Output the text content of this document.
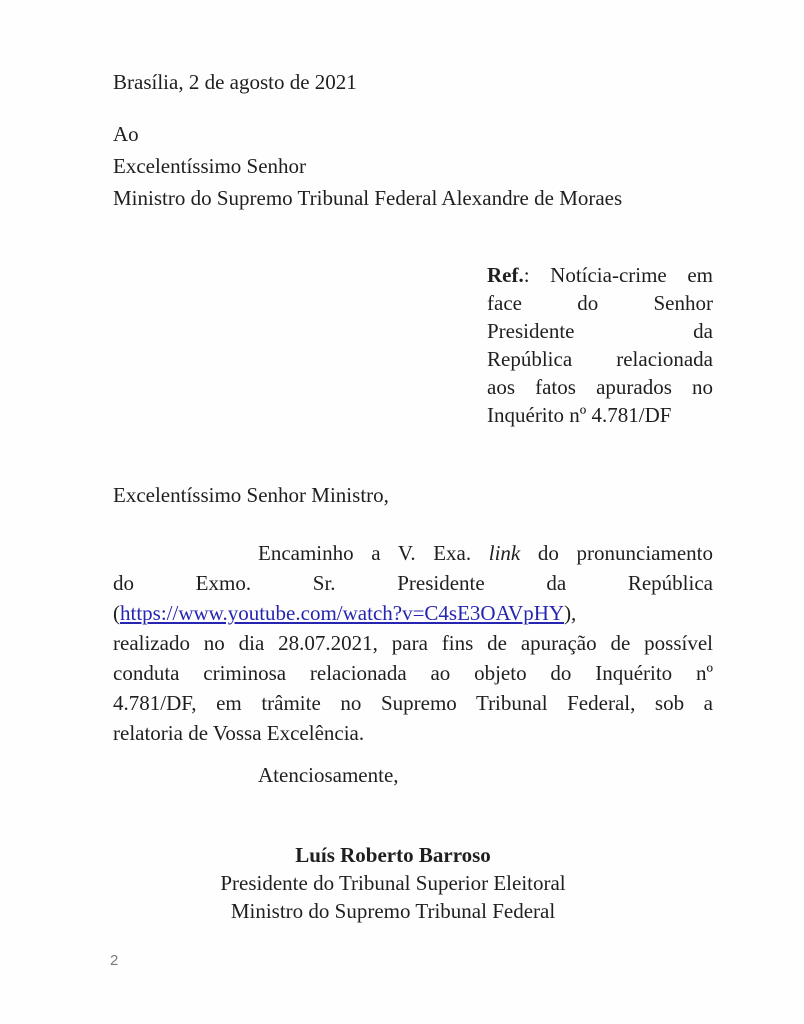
Brasília, 2 de agosto de 2021

Ao
Excelentíssimo Senhor
Ministro do Supremo Tribunal Federal Alexandre de Moraes
Ref.: Notícia-crime em
face do Senhor
Presidente da
República relacionada
aos fatos apurados no
Inquérito nº 4.781/DF

Excelentíssimo Senhor Ministro,

Encaminho a V. Exa. link do pronunciamento
do Exmo. Sr. Presidente da República
(https://www.youtube.com/watch?v=C4sE3OAVpHY),
realizado no dia 28.07.2021, para fins de apuração de possível
conduta criminosa relacionada ao objeto do Inquérito nº
4.781/DF, em trâmite no Supremo Tribunal Federal, sob a
relatoria de Vossa Excelência.

Atenciosamente,

Luís Roberto Barroso
Presidente do Tribunal Superior Eleitoral
Ministro do Supremo Tribunal Federal
2
